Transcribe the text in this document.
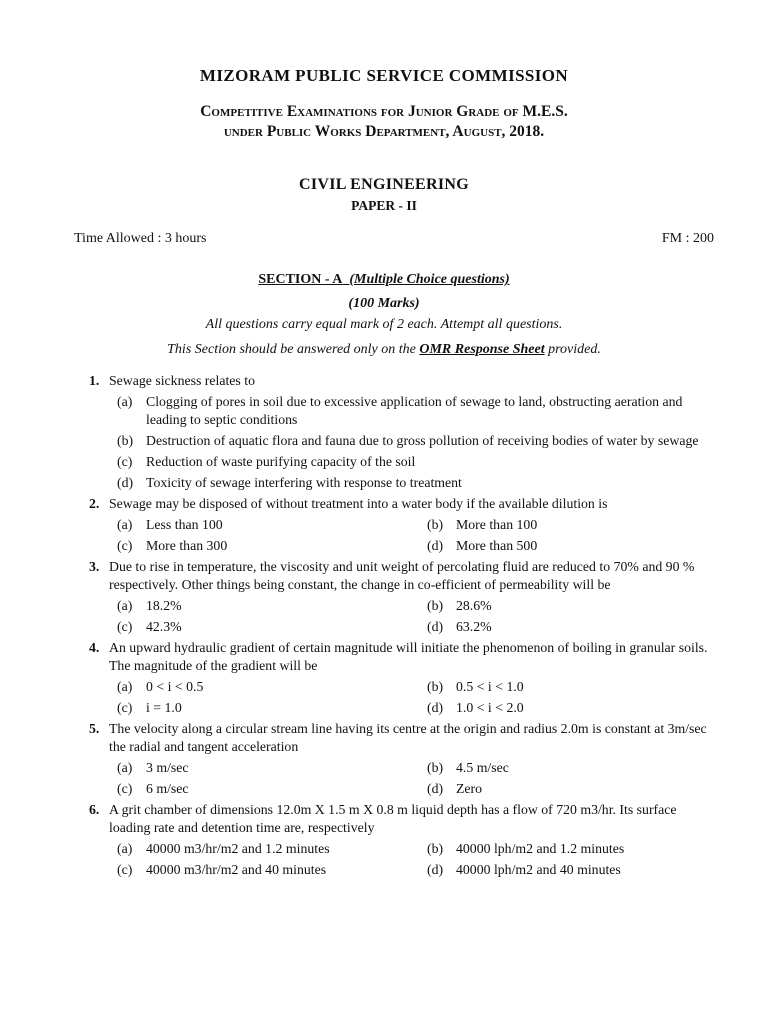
MIZORAM PUBLIC SERVICE COMMISSION
Competitive Examinations for Junior Grade of M.E.S.
under Public Works Department, August, 2018.
CIVIL ENGINEERING
PAPER - II
Time Allowed : 3 hours	FM : 200
SECTION - A (Multiple Choice questions)
(100 Marks)
All questions carry equal mark of 2 each. Attempt all questions.
This Section should be answered only on the OMR Response Sheet provided.
1. Sewage sickness relates to
(a) Clogging of pores in soil due to excessive application of sewage to land, obstructing aeration and leading to septic conditions
(b) Destruction of aquatic flora and fauna due to gross pollution of receiving bodies of water by sewage
(c) Reduction of waste purifying capacity of the soil
(d) Toxicity of sewage interfering with response to treatment
2. Sewage may be disposed of without treatment into a water body if the available dilution is
(a) Less than 100	(b) More than 100
(c) More than 300	(d) More than 500
3. Due to rise in temperature, the viscosity and unit weight of percolating fluid are reduced to 70% and 90 % respectively. Other things being constant, the change in co-efficient of permeability will be
(a) 18.2%	(b) 28.6%
(c) 42.3%	(d) 63.2%
4. An upward hydraulic gradient of certain magnitude will initiate the phenomenon of boiling in granular soils. The magnitude of the gradient will be
(a) 0 < i < 0.5	(b) 0.5 < i < 1.0
(c) i = 1.0	(d) 1.0 < i < 2.0
5. The velocity along a circular stream line having its centre at the origin and radius 2.0m is constant at 3m/sec the radial and tangent acceleration
(a) 3 m/sec	(b) 4.5 m/sec
(c) 6 m/sec	(d) Zero
6. A grit chamber of dimensions 12.0m X 1.5 m X 0.8 m liquid depth has a flow of 720 m3/hr. Its surface loading rate and detention time are, respectively
(a) 40000 m3/hr/m2 and 1.2 minutes	(b) 40000 lph/m2 and 1.2 minutes
(c) 40000 m3/hr/m2 and 40 minutes	(d) 40000 lph/m2 and 40 minutes
